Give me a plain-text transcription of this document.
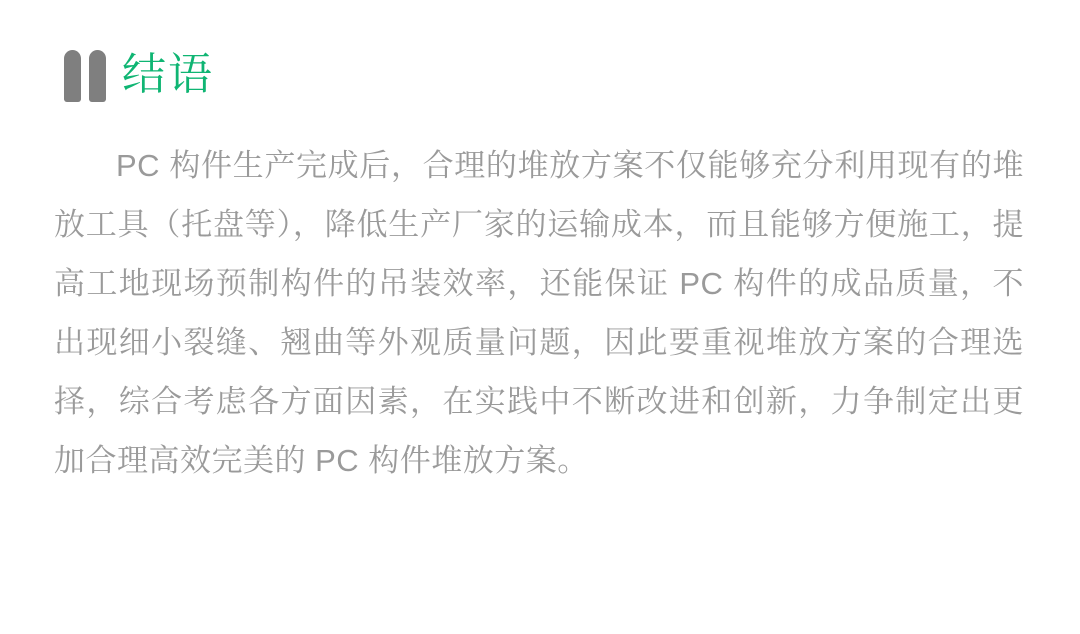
结语

PC 构件生产完成后，合理的堆放方案不仅能够充分利用现有的堆放工具（托盘等），降低生产厂家的运输成本，而且能够方便施工，提高工地现场预制构件的吊装效率，还能保证 PC 构件的成品质量，不出现细小裂缝、翘曲等外观质量问题，因此要重视堆放方案的合理选择，综合考虑各方面因素，在实践中不断改进和创新，力争制定出更加合理高效完美的 PC 构件堆放方案。
